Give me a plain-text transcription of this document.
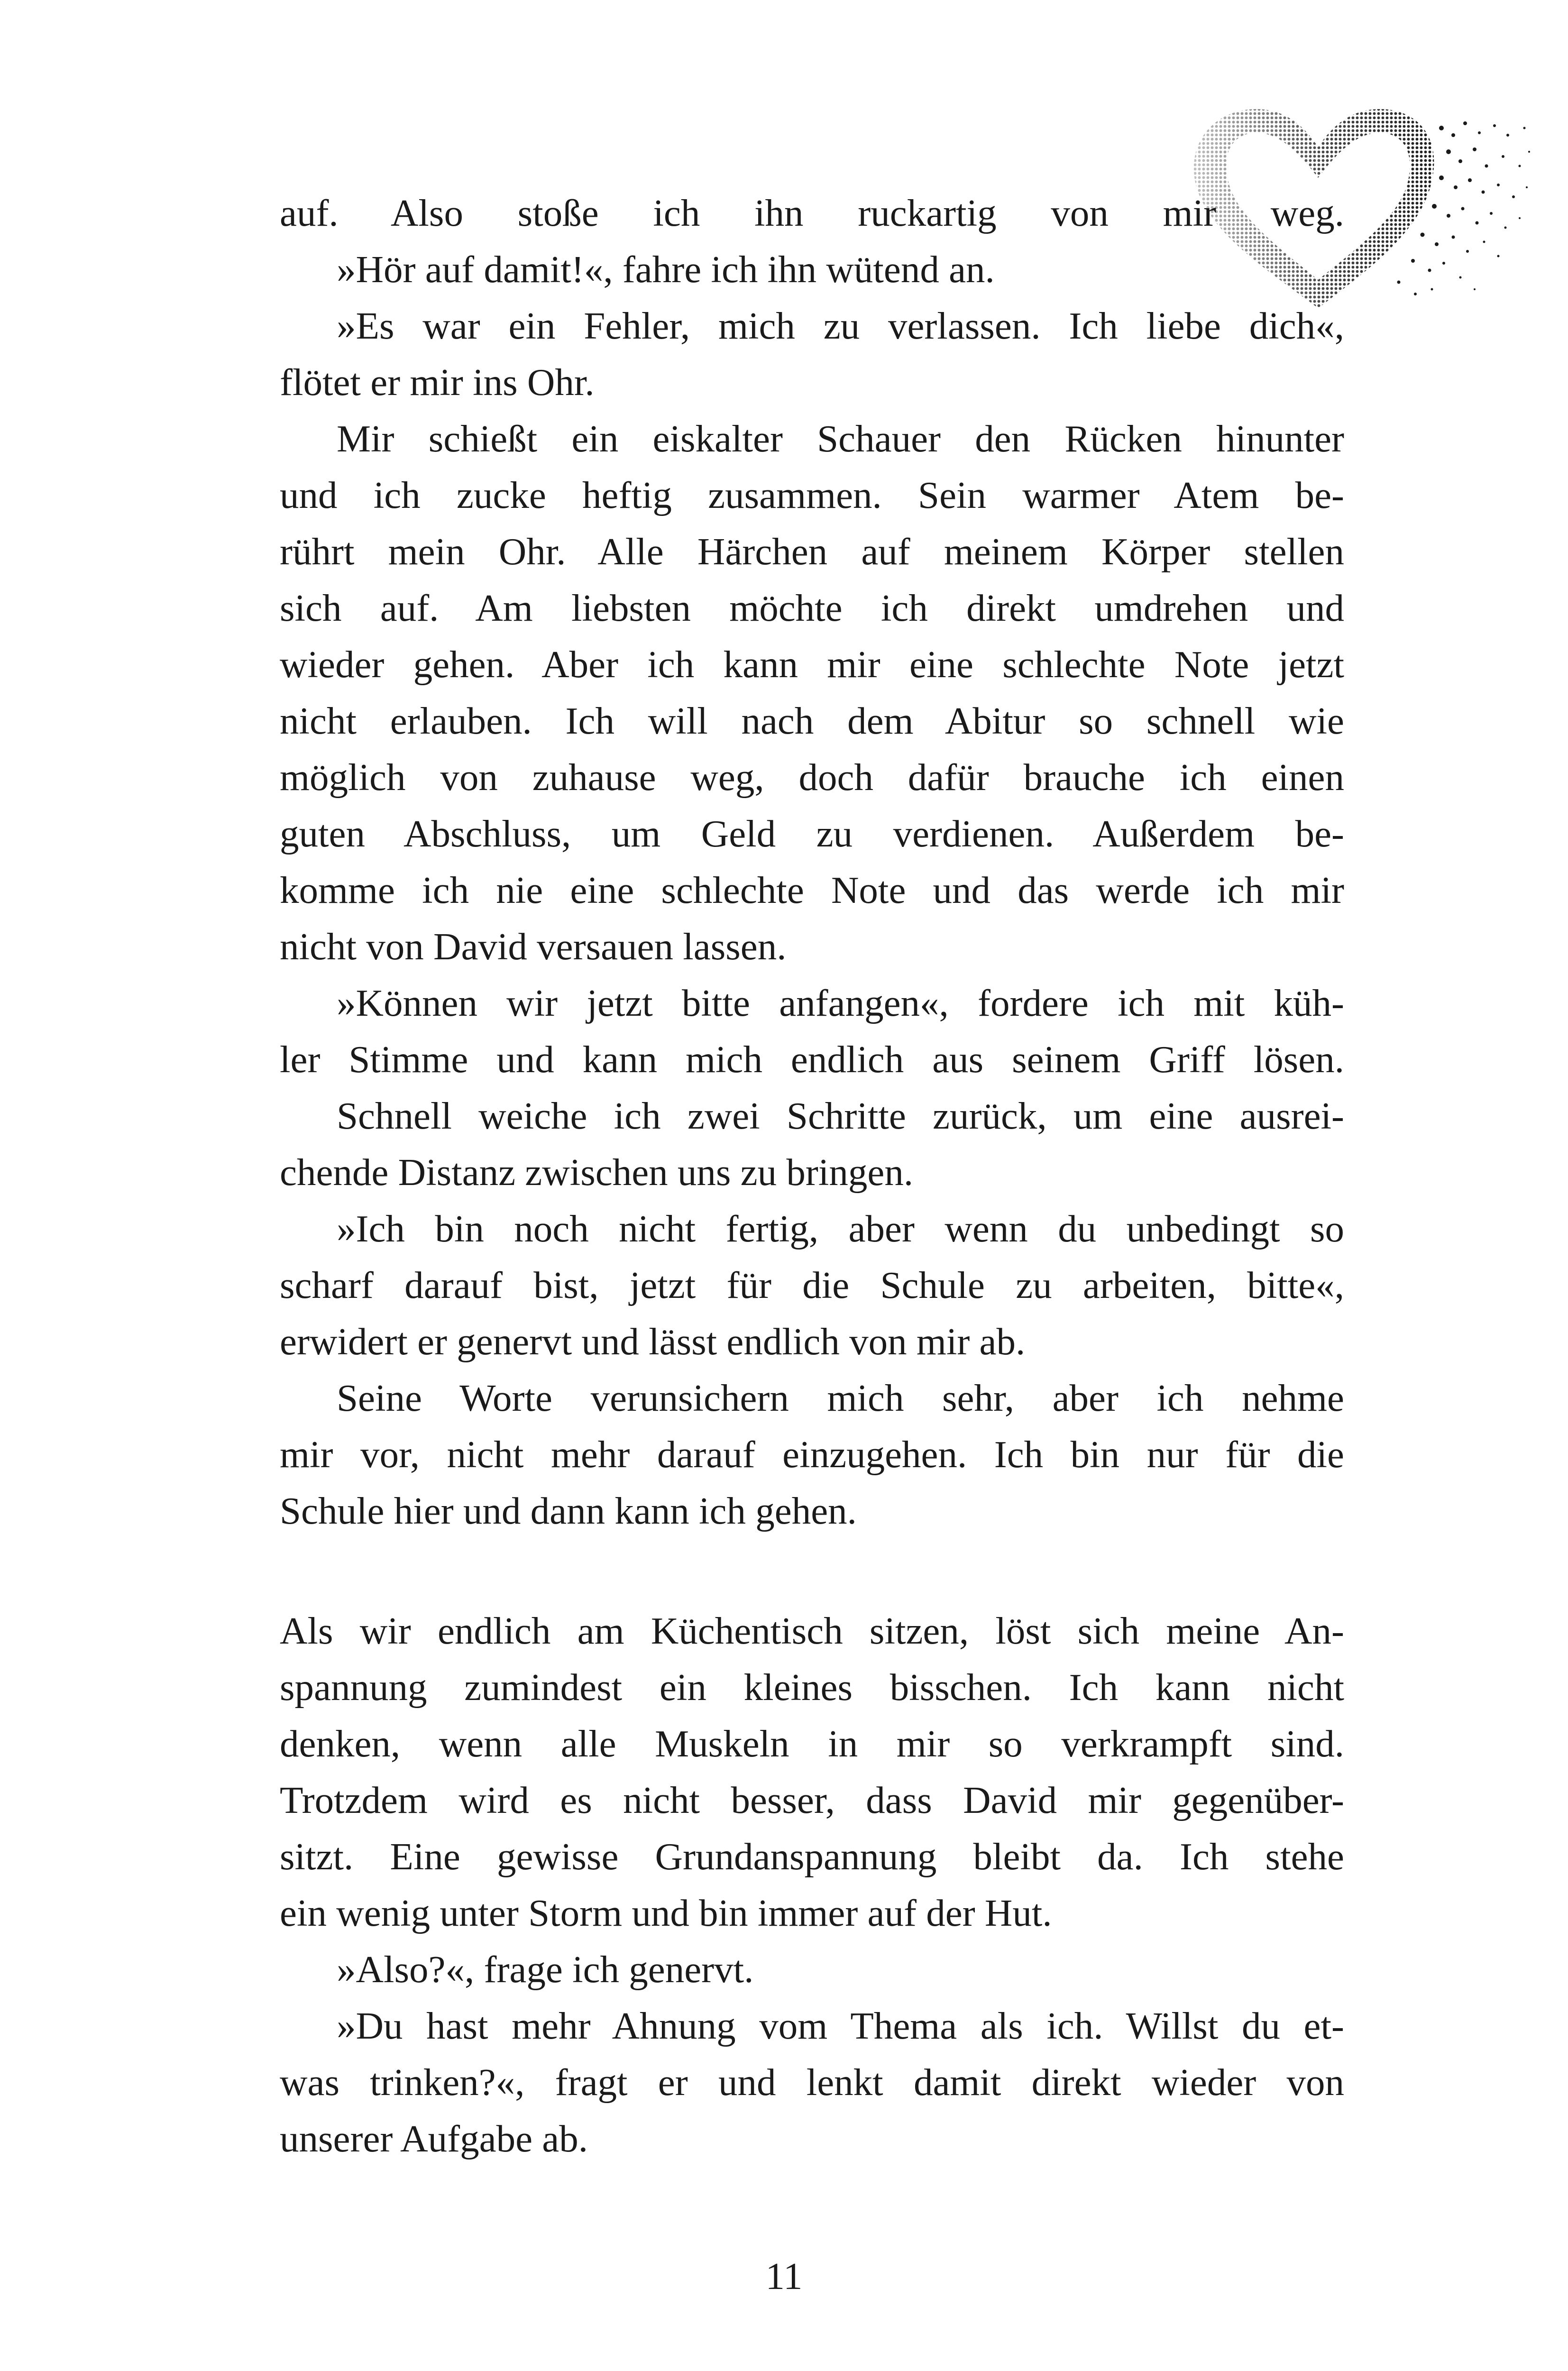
auf. Also stoße ich ihn ruckartig von mir weg.
»Hör auf damit!«, fahre ich ihn wütend an.
»Es war ein Fehler, mich zu verlassen. Ich liebe dich«,
flötet er mir ins Ohr.
Mir schießt ein eiskalter Schauer den Rücken hinunter
und ich zucke heftig zusammen. Sein warmer Atem be-
rührt mein Ohr. Alle Härchen auf meinem Körper stellen
sich auf. Am liebsten möchte ich direkt umdrehen und
wieder gehen. Aber ich kann mir eine schlechte Note jetzt
nicht erlauben. Ich will nach dem Abitur so schnell wie
möglich von zuhause weg, doch dafür brauche ich einen
guten Abschluss, um Geld zu verdienen. Außerdem be-
komme ich nie eine schlechte Note und das werde ich mir
nicht von David versauen lassen.
»Können wir jetzt bitte anfangen«, fordere ich mit küh-
ler Stimme und kann mich endlich aus seinem Griff lösen.
Schnell weiche ich zwei Schritte zurück, um eine ausrei-
chende Distanz zwischen uns zu bringen.
»Ich bin noch nicht fertig, aber wenn du unbedingt so
scharf darauf bist, jetzt für die Schule zu arbeiten, bitte«,
erwidert er genervt und lässt endlich von mir ab.
Seine Worte verunsichern mich sehr, aber ich nehme
mir vor, nicht mehr darauf einzugehen. Ich bin nur für die
Schule hier und dann kann ich gehen.
Als wir endlich am Küchentisch sitzen, löst sich meine An-
spannung zumindest ein kleines bisschen. Ich kann nicht
denken, wenn alle Muskeln in mir so verkrampft sind.
Trotzdem wird es nicht besser, dass David mir gegenüber-
sitzt. Eine gewisse Grundanspannung bleibt da. Ich stehe
ein wenig unter Storm und bin immer auf der Hut.
»Also?«, frage ich genervt.
»Du hast mehr Ahnung vom Thema als ich. Willst du et-
was trinken?«, fragt er und lenkt damit direkt wieder von
unserer Aufgabe ab.
11
